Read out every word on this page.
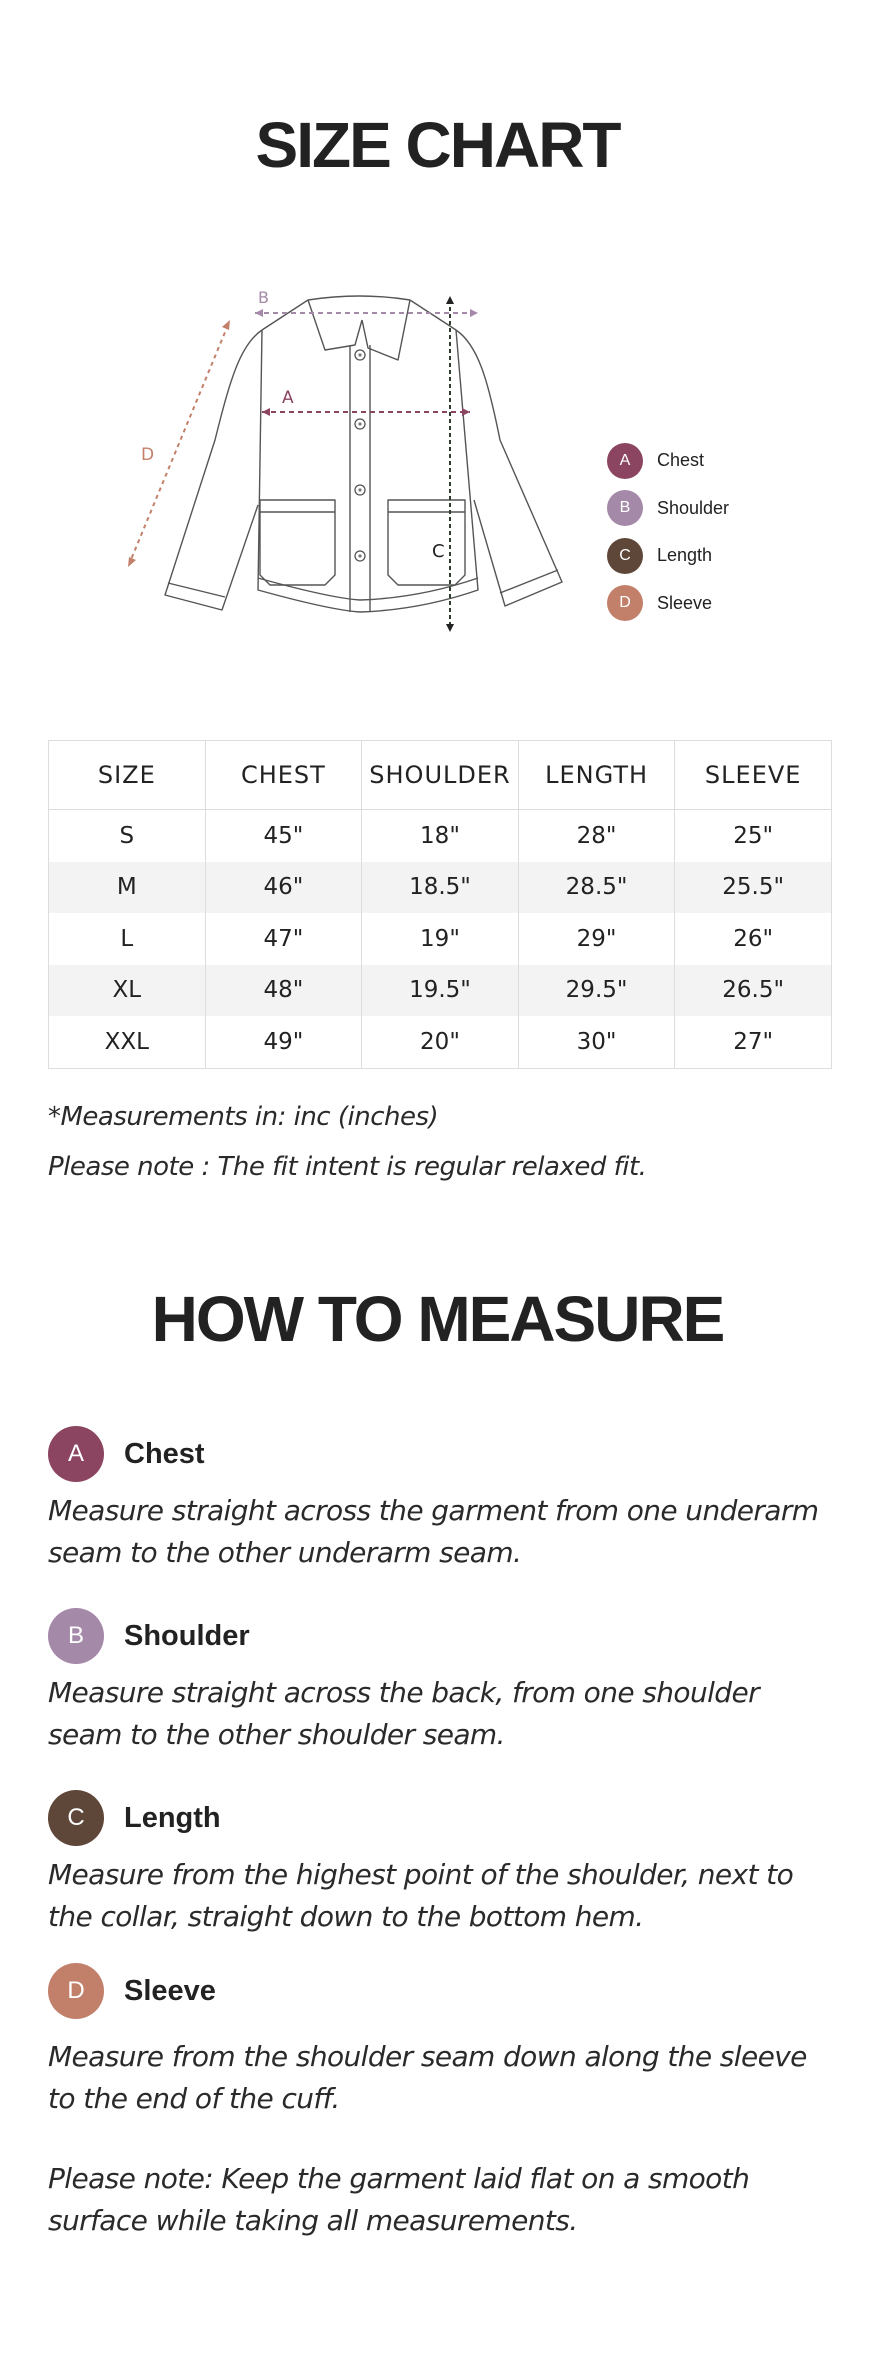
SIZE CHART
A
B
C
D	A	Chest
B	Shoulder
C	Length
D	Sleeve
SIZE	CHEST	SHOULDER	LENGTH	SLEEVE
S	45"	18"	28"	25"
M	46"	18.5"	28.5"	25.5"
L	47"	19"	29"	26"
XL	48"	19.5"	29.5"	26.5"
XXL	49"	20"	30"	27"
*Measurements in: inc (inches)
Please note : The fit intent is regular relaxed fit.
HOW TO MEASURE
A	Chest
Measure straight across the garment from one underarm seam to the other underarm seam.
B	Shoulder
Measure straight across the back, from one shoulder seam to the other shoulder seam.
C	Length
Measure from the highest point of the shoulder, next to the collar, straight down to the bottom hem.
D	Sleeve
Measure from the shoulder seam down along the sleeve to the end of the cuff.
Please note: Keep the garment laid flat on a smooth surface while taking all measurements.
